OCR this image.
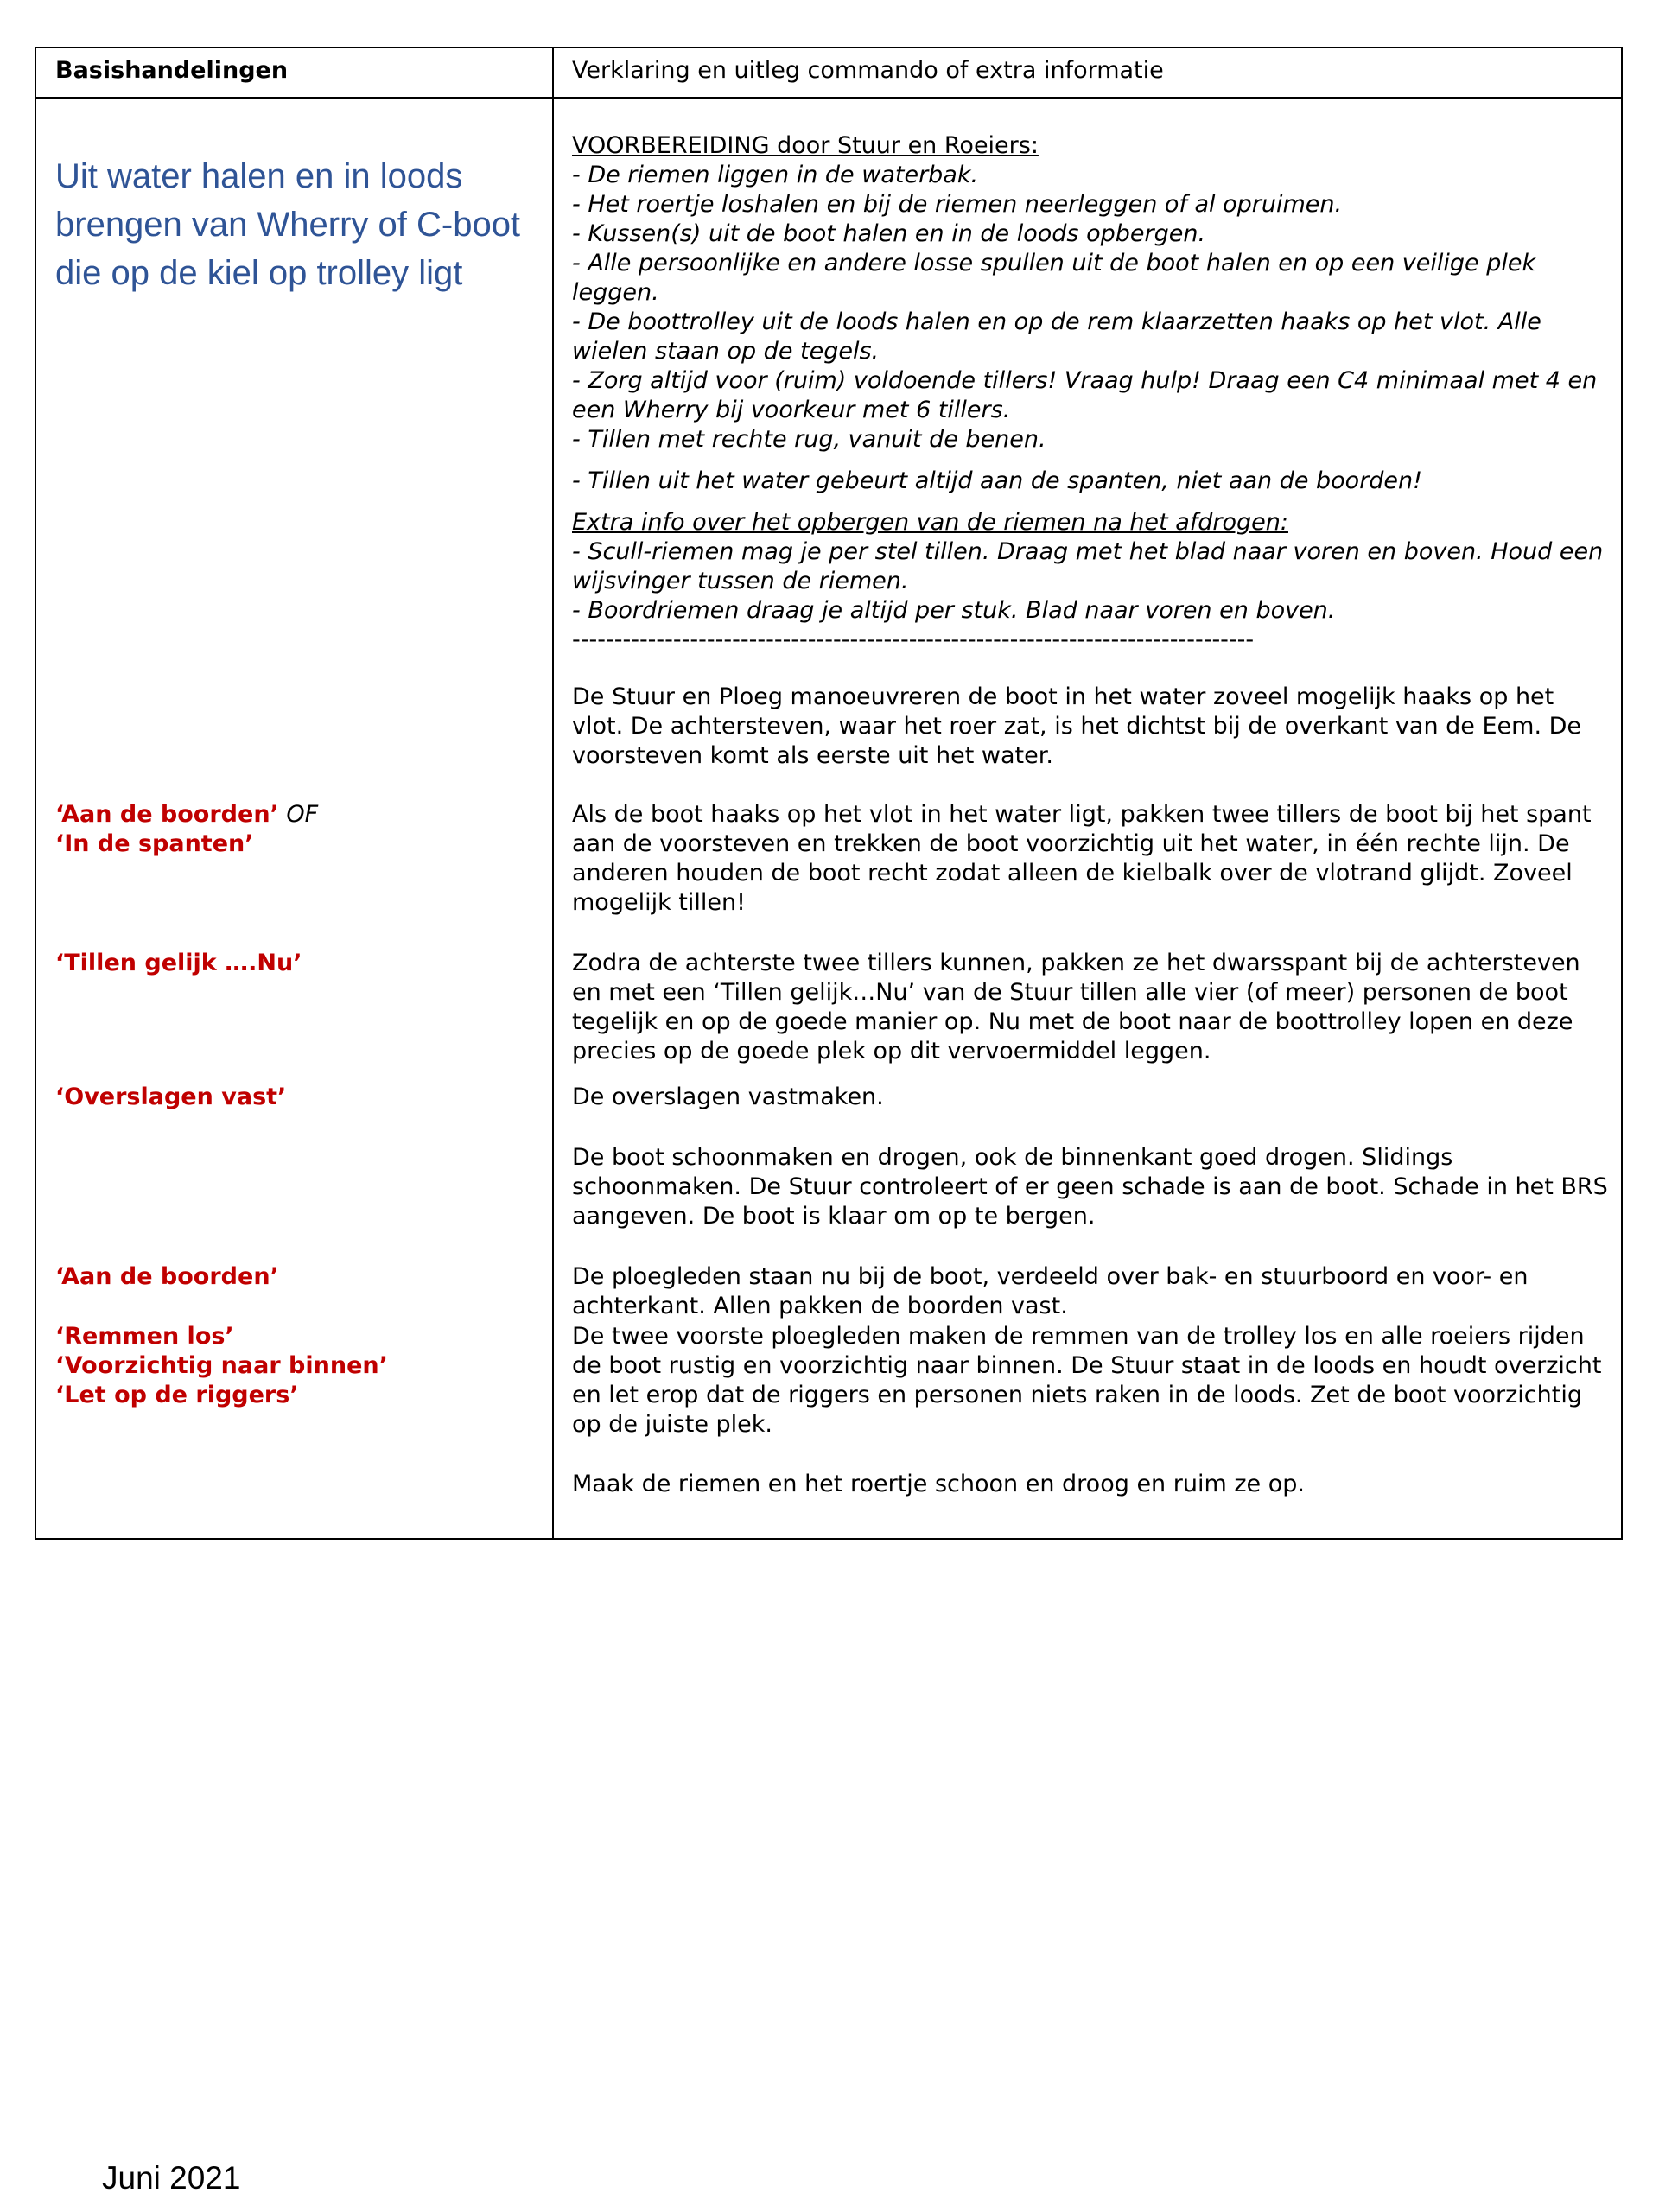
Basishandelingen	Verklaring en uitleg commando of extra informatie
Uit water halen en in loods brengen van Wherry of C-boot die op de kiel op trolley ligt
‘Aan de boorden’ OF
‘In de spanten’
‘Tillen gelijk ….Nu’
‘Overslagen vast’
‘Aan de boorden’
‘Remmen los’
‘Voorzichtig naar binnen’
‘Let op de riggers’

VOORBEREIDING door Stuur en Roeiers:

- De riemen liggen in de waterbak.

- Het roertje loshalen en bij de riemen neerleggen of al opruimen.

- Kussen(s) uit de boot halen en in de loods opbergen.

- Alle persoonlijke en andere losse spullen uit de boot halen en op een veilige plek leggen.

- De boottrolley uit de loods halen en op de rem klaarzetten haaks op het vlot. Alle wielen staan op de tegels.

- Zorg altijd voor (ruim) voldoende tillers! Vraag hulp! Draag een C4 minimaal met 4 en een Wherry bij voorkeur met 6 tillers.

- Tillen met rechte rug, vanuit de benen.

- Tillen uit het water gebeurt altijd aan de spanten, niet aan de boorden!

Extra info over het opbergen van de riemen na het afdrogen:

- Scull-riemen mag je per stel tillen. Draag met het blad naar voren en boven. Houd een wijsvinger tussen de riemen.

- Boordriemen draag je altijd per stuk. Blad naar voren en boven.

---------------------------------------------------------------------------------

De Stuur en Ploeg manoeuvreren de boot in het water zoveel mogelijk haaks op het vlot. De achtersteven, waar het roer zat, is het dichtst bij de overkant van de Eem. De voorsteven komt als eerste uit het water.
Als de boot haaks op het vlot in het water ligt, pakken twee tillers de boot bij het spant aan de voorsteven en trekken de boot voorzichtig uit het water, in één rechte lijn. De anderen houden de boot recht zodat alleen de kielbalk over de vlotrand glijdt. Zoveel mogelijk tillen!
Zodra de achterste twee tillers kunnen, pakken ze het dwarsspant bij de achtersteven en met een ‘Tillen gelijk…Nu’ van de Stuur tillen alle vier (of meer) personen de boot tegelijk en op de goede manier op. Nu met de boot naar de boottrolley lopen en deze precies op de goede plek op dit vervoermiddel leggen.
De overslagen vastmaken.
De boot schoonmaken en drogen, ook de binnenkant goed drogen. Slidings schoonmaken. De Stuur controleert of er geen schade is aan de boot. Schade in het BRS aangeven. De boot is klaar om op te bergen.
De ploegleden staan nu bij de boot, verdeeld over bak- en stuurboord en voor- en achterkant. Allen pakken de boorden vast.
De twee voorste ploegleden maken de remmen van de trolley los en alle roeiers rijden de boot rustig en voorzichtig naar binnen. De Stuur staat in de loods en houdt overzicht en let erop dat de riggers en personen niets raken in de loods. Zet de boot voorzichtig op de juiste plek.
Maak de riemen en het roertje schoon en droog en ruim ze op.
Juni 2021
